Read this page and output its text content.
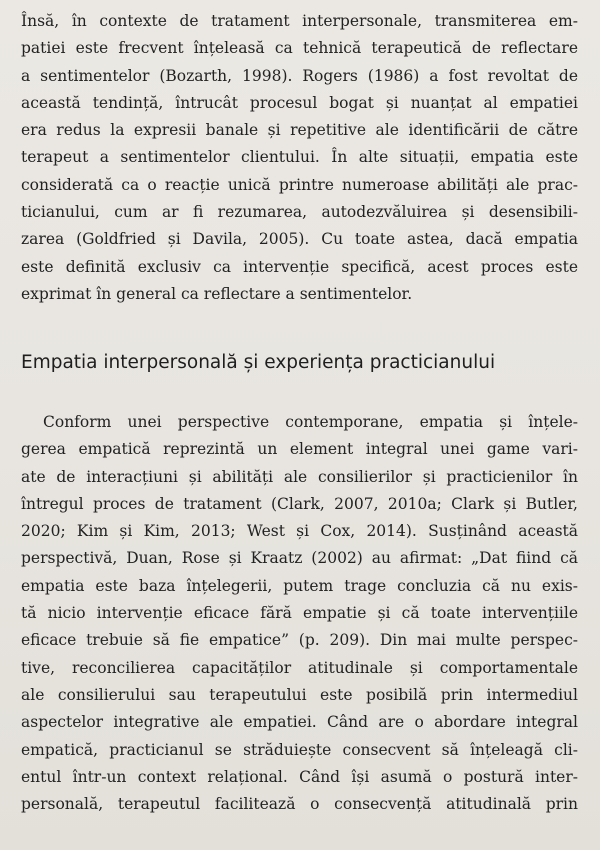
Însă, în contexte de tratament interpersonale, transmiterea em-
patiei este frecvent înțeleasă ca tehnică terapeutică de reflectare
a sentimentelor (Bozarth, 1998). Rogers (1986) a fost revoltat de
această tendință, întrucât procesul bogat și nuanțat al empatiei
era redus la expresii banale și repetitive ale identificării de către
terapeut a sentimentelor clientului. În alte situații, empatia este
considerată ca o reacție unică printre numeroase abilități ale prac-
ticianului, cum ar fi rezumarea, autodezvăluirea și desensibili-
zarea (Goldfried și Davila, 2005). Cu toate astea, dacă empatia
este definită exclusiv ca intervenție specifică, acest proces este
exprimat în general ca reflectare a sentimentelor.
Empatia interpersonală și experiența practicianului
Conform unei perspective contemporane, empatia și înțele-
gerea empatică reprezintă un element integral unei game vari-
ate de interacțiuni și abilități ale consilierilor și practicienilor în
întregul proces de tratament (Clark, 2007, 2010a; Clark și Butler,
2020; Kim și Kim, 2013; West și Cox, 2014). Susținând această
perspectivă, Duan, Rose și Kraatz (2002) au afirmat: „Dat fiind că
empatia este baza înțelegerii, putem trage concluzia că nu exis-
tă nicio intervenție eficace fără empatie și că toate intervențiile
eficace trebuie să fie empatice” (p. 209). Din mai multe perspec-
tive, reconcilierea capacităților atitudinale și comportamentale
ale consilierului sau terapeutului este posibilă prin intermediul
aspectelor integrative ale empatiei. Când are o abordare integral
empatică, practicianul se străduiește consecvent să înțeleagă cli-
entul într-un context relațional. Când își asumă o postură inter-
personală, terapeutul facilitează o consecvență atitudinală prin
